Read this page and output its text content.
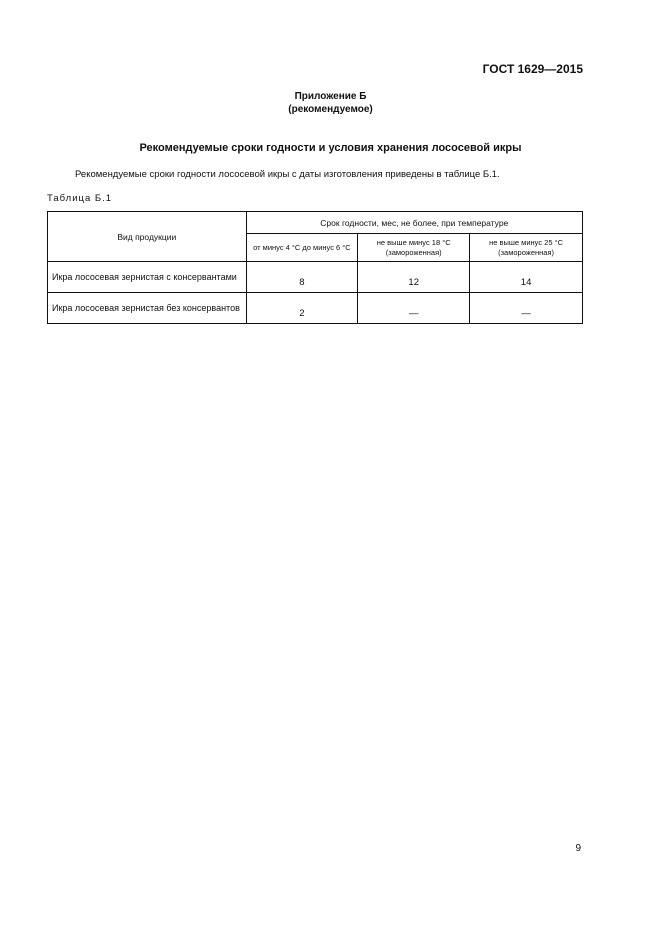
ГОСТ 1629—2015
Приложение Б
(рекомендуемое)
Рекомендуемые сроки годности и условия хранения лососевой икры
Рекомендуемые сроки годности лососевой икры с даты изготовления приведены в таблице Б.1.
Таблица Б.1
Вид продукции	Срок годности, мес, не более, при температуре		
	от минус 4 °С до минус 6 °С	не выше минус 18 °С (замороженная)	не выше минус 25 °С (замороженная)
Икра лососевая зернистая с консервантами	8	12	14
Икра лососевая зернистая без консервантов	2	—	—
9
